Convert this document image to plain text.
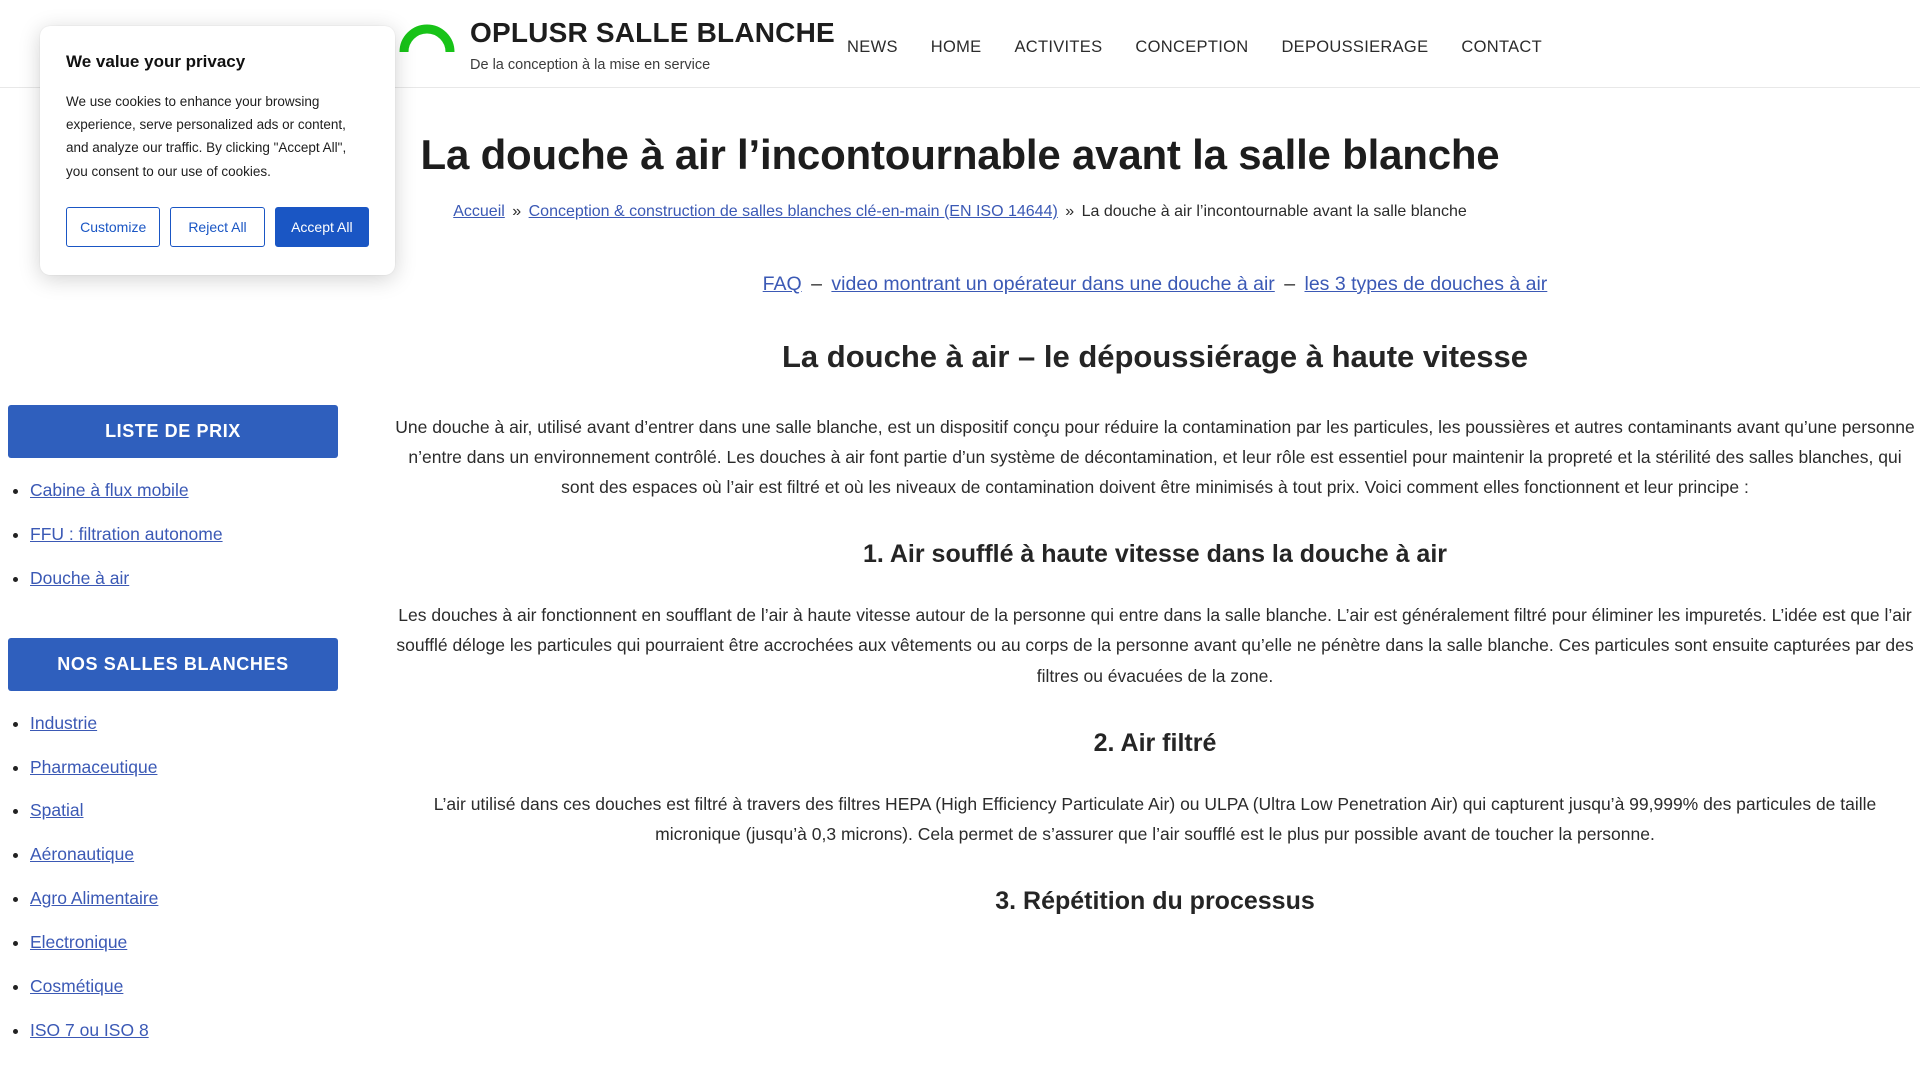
OPLUSR SALLE BLANCHE
De la conception à la mise en service
NEWS HOME ACTIVITES CONCEPTION DEPOUSSIERAGE CONTACT
La douche à air l’incontournable avant la salle blanche
Accueil » Conception & construction de salles blanches clé-en-main (EN ISO 14644) » La douche à air l’incontournable avant la salle blanche
LISTE DE PRIX
• Cabine à flux mobile
• FFU : filtration autonome
• Douche à air
NOS SALLES BLANCHES
• Industrie
• Pharmaceutique
• Spatial
• Aéronautique
• Agro Alimentaire
• Electronique
• Cosmétique
• ISO 7 ou ISO 8
FAQ – video montrant un opérateur dans une douche à air – les 3 types de douches à air
La douche à air – le dépoussiérage à haute vitesse

Une douche à air, utilisé avant d’entrer dans une salle blanche, est un dispositif conçu pour réduire la contamination par les particules, les poussières et autres contaminants avant qu’une personne n’entre dans un environnement contrôlé. Les douches à air font partie d’un système de décontamination, et leur rôle est essentiel pour maintenir la propreté et la stérilité des salles blanches, qui sont des espaces où l’air est filtré et où les niveaux de contamination doivent être minimisés à tout prix. Voici comment elles fonctionnent et leur principe :

1. Air soufflé à haute vitesse dans la douche à air

Les douches à air fonctionnent en soufflant de l’air à haute vitesse autour de la personne qui entre dans la salle blanche. L’air est généralement filtré pour éliminer les impuretés. L’idée est que l’air soufflé déloge les particules qui pourraient être accrochées aux vêtements ou au corps de la personne avant qu’elle ne pénètre dans la salle blanche. Ces particules sont ensuite capturées par des filtres ou évacuées de la zone.

2. Air filtré

L’air utilisé dans ces douches est filtré à travers des filtres HEPA (High Efficiency Particulate Air) ou ULPA (Ultra Low Penetration Air) qui capturent jusqu’à 99,999% des particules de taille micronique (jusqu’à 0,3 microns). Cela permet de s’assurer que l’air soufflé est le plus pur possible avant de toucher la personne.

3. Répétition du processus
We value your privacy
We use cookies to enhance your browsing experience, serve personalized ads or content, and analyze our traffic. By clicking "Accept All", you consent to our use of cookies.
Customize	Reject All	Accept All
